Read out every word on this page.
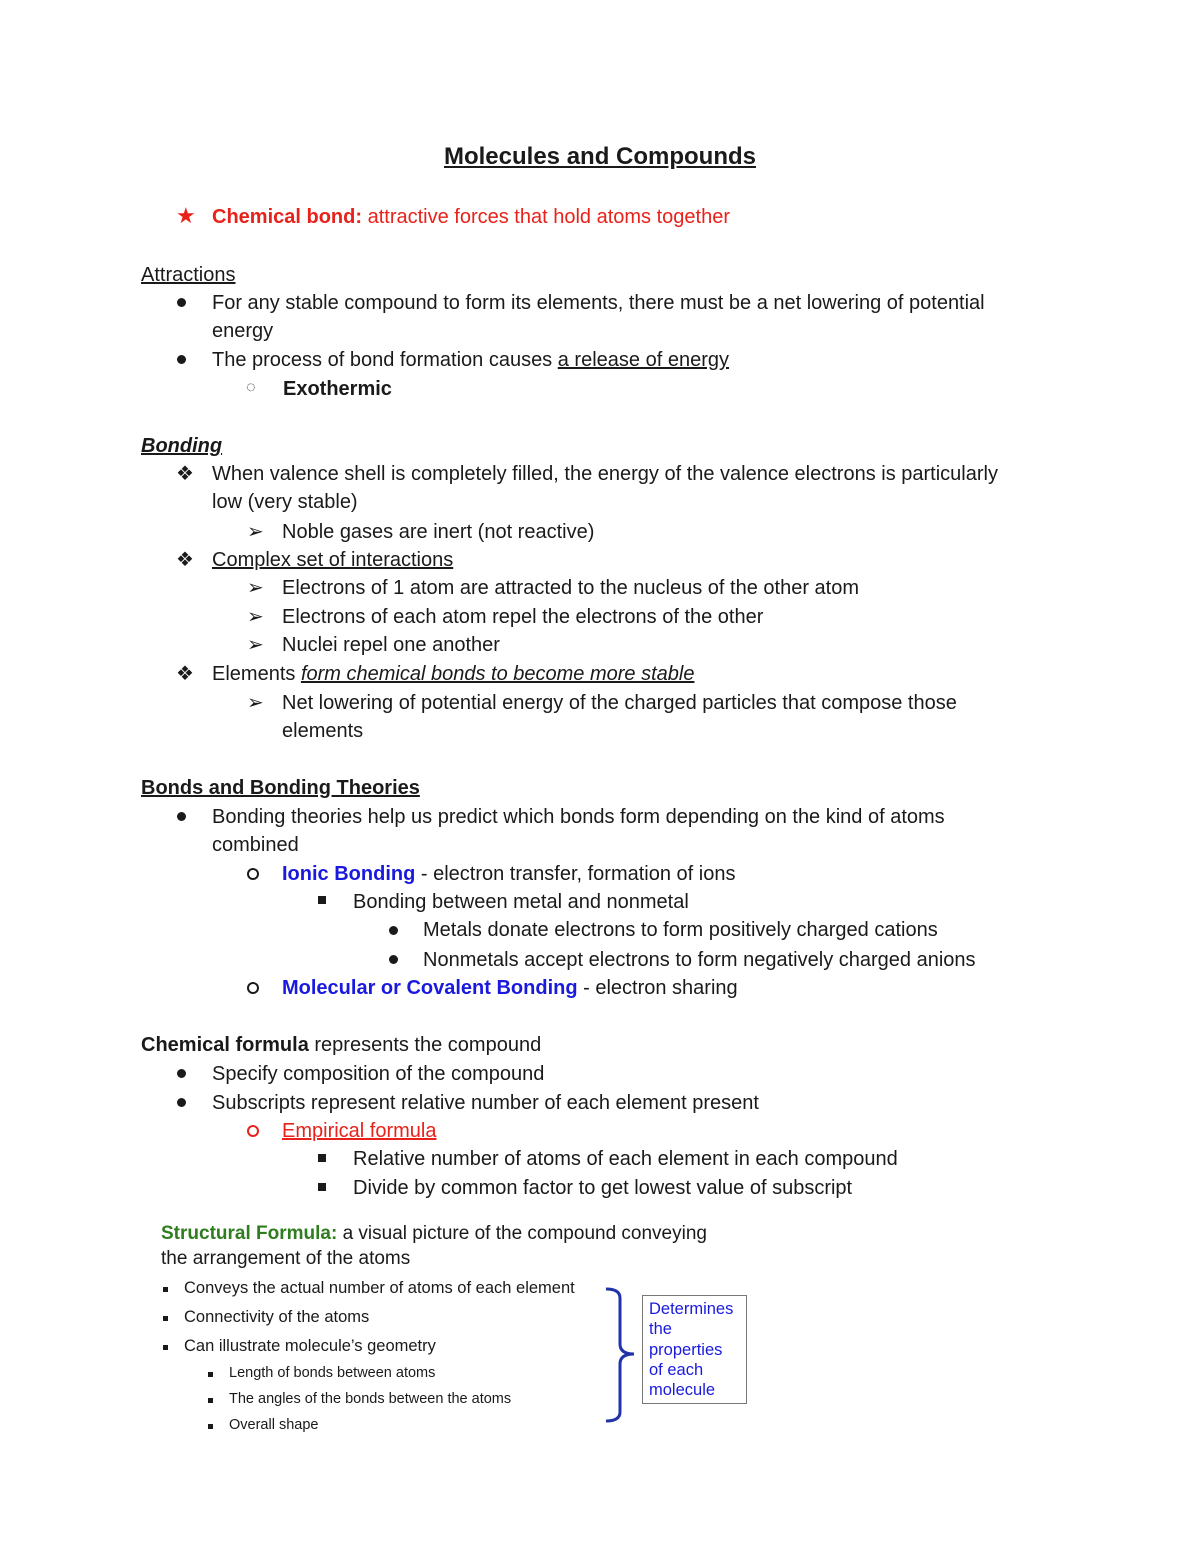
Molecules and Compounds
★ Chemical bond: attractive forces that hold atoms together
Attractions
For any stable compound to form its elements, there must be a net lowering of potential
energy
The process of bond formation causes a release of energy
◌ Exothermic
Bonding
❖ When valence shell is completely filled, the energy of the valence electrons is particularly
low (very stable)
➢ Noble gases are inert (not reactive)
❖ Complex set of interactions
➢ Electrons of 1 atom are attracted to the nucleus of the other atom
➢ Electrons of each atom repel the electrons of the other
➢ Nuclei repel one another
❖ Elements form chemical bonds to become more stable
➢ Net lowering of potential energy of the charged particles that compose those
elements
Bonds and Bonding Theories
Bonding theories help us predict which bonds form depending on the kind of atoms
combined
Ionic Bonding - electron transfer, formation of ions
Bonding between metal and nonmetal
Metals donate electrons to form positively charged cations
Nonmetals accept electrons to form negatively charged anions
Molecular or Covalent Bonding - electron sharing
Chemical formula represents the compound
Specify composition of the compound
Subscripts represent relative number of each element present
Empirical formula
Relative number of atoms of each element in each compound
Divide by common factor to get lowest value of subscript
Structural Formula: a visual picture of the compound conveying
the arrangement of the atoms
Conveys the actual number of atoms of each element
Connectivity of the atoms
Can illustrate molecule’s geometry
Length of bonds between atoms
The angles of the bonds between the atoms
Overall shape
Determines
the
properties
of each
molecule
